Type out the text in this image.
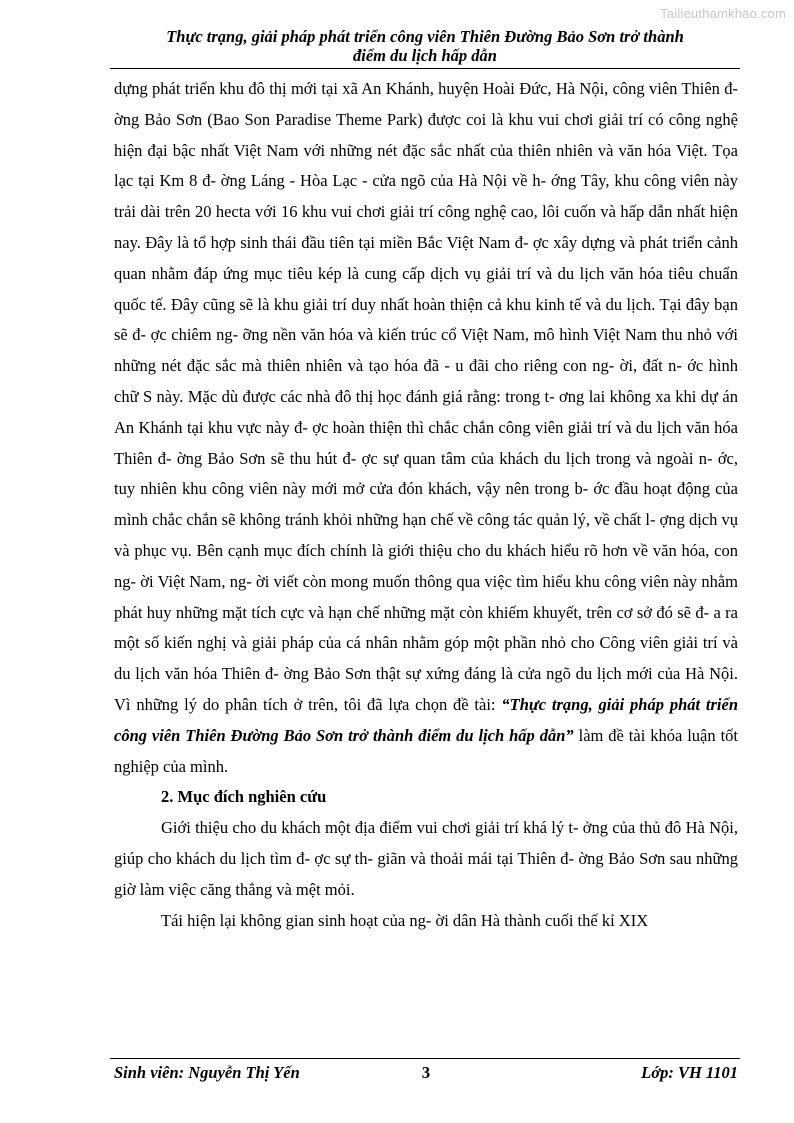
Tailieuthamkhao.com
Thực trạng, giải pháp phát triển công viên Thiên Đường Bảo Sơn trở thành
điểm du lịch hấp dẫn

dựng phát triển khu đô thị mới tại xã An Khánh, huyện Hoài Đức, Hà Nội, công viên Thiên đ- ờng Bảo Sơn (Bao Son Paradise Theme Park) được coi là khu vui chơi giải trí có công nghệ hiện đại bậc nhất Việt Nam với những nét đặc sắc nhất của thiên nhiên và văn hóa Việt. Tọa lạc tại Km 8 đ- ờng Láng - Hòa Lạc - cửa ngõ của Hà Nội về h- ớng Tây, khu công viên này trải dài trên 20 hecta với 16 khu vui chơi giải trí công nghệ cao, lôi cuốn và hấp dẫn nhất hiện nay. Đây là tổ hợp sinh thái đầu tiên tại miền Bắc Việt Nam đ- ợc xây dựng và phát triển cảnh quan nhằm đáp ứng mục tiêu kép là cung cấp dịch vụ giải trí và du lịch văn hóa tiêu chuẩn quốc tế. Đây cũng sẽ là khu giải trí duy nhất hoàn thiện cả khu kinh tế và du lịch. Tại đây bạn sẽ đ- ợc chiêm ng- ỡng nền văn hóa và kiến trúc cổ Việt Nam, mô hình Việt Nam thu nhỏ với những nét đặc sắc mà thiên nhiên và tạo hóa đã - u đãi cho riêng con ng- ời, đất n- ớc hình chữ S này. Mặc dù được các nhà đô thị học đánh giá rằng: trong t- ơng lai không xa khi dự án An Khánh tại khu vực này đ- ợc hoàn thiện thì chắc chắn công viên giải trí và du lịch văn hóa Thiên đ- ờng Bảo Sơn sẽ thu hút đ- ợc sự quan tâm của khách du lịch trong và ngoài n- ớc, tuy nhiên khu công viên này mới mở cửa đón khách, vậy nên trong b- ớc đầu hoạt động của mình chắc chắn sẽ không tránh khỏi những hạn chế về công tác quản lý, về chất l- ợng dịch vụ và phục vụ. Bên cạnh mục đích chính là giới thiệu cho du khách hiểu rõ hơn về văn hóa, con ng- ời Việt Nam, ng- ời viết còn mong muốn thông qua việc tìm hiểu khu công viên này nhằm phát huy những mặt tích cực và hạn chế những mặt còn khiếm khuyết, trên cơ sở đó sẽ đ- a ra một số kiến nghị và giải pháp của cá nhân nhằm góp một phần nhỏ cho Công viên giải trí và du lịch văn hóa Thiên đ- ờng Bảo Sơn thật sự xứng đáng là cửa ngõ du lịch mới của Hà Nội. Vì những lý do phân tích ở trên, tôi đã lựa chọn đề tài: “Thực trạng, giải pháp phát triển công viên Thiên Đường Bảo Sơn trở thành điểm du lịch hấp dẫn” làm đề tài khóa luận tốt nghiệp của mình.

2. Mục đích nghiên cứu

Giới thiệu cho du khách một địa điểm vui chơi giải trí khá lý t- ởng của thủ đô Hà Nội, giúp cho khách du lịch tìm đ- ợc sự th- giãn và thoải mái tại Thiên đ- ờng Bảo Sơn sau những giờ làm việc căng thẳng và mệt mỏi.

Tái hiện lại không gian sinh hoạt của ng- ời dân Hà thành cuối thế kỉ XIX

Sinh viên: Nguyễn Thị Yến	3	Lớp: VH 1101
